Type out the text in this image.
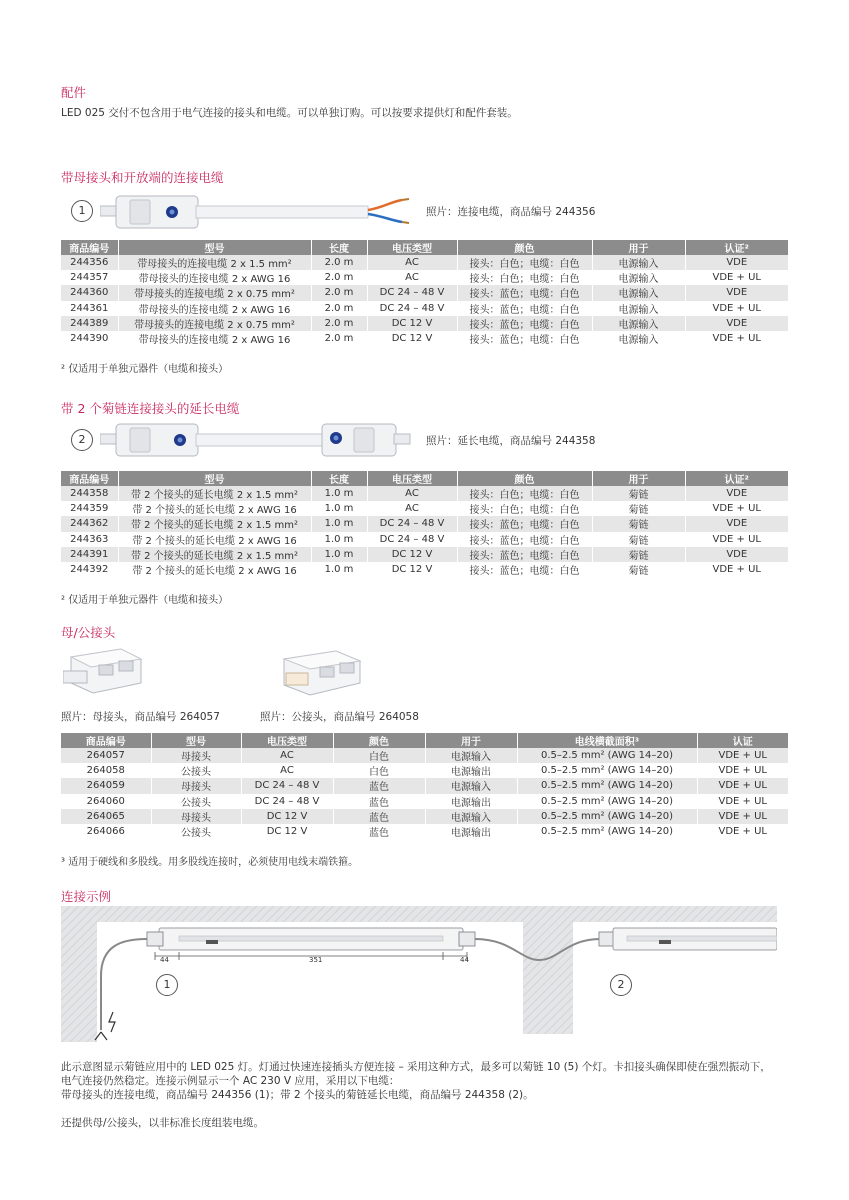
配件
LED 025 交付不包含用于电气连接的接头和电缆。可以单独订购。可以按要求提供灯和配件套装。
带母接头和开放端的连接电缆
1	照片：连接电缆，商品编号 244356
商品编号	型号	长度	电压类型	颜色	用于	认证²
244356	带母接头的连接电缆 2 x 1.5 mm²	2.0 m	AC	接头：白色；电缆：白色	电源输入	VDE
244357	带母接头的连接电缆 2 x AWG 16	2.0 m	AC	接头：白色；电缆：白色	电源输入	VDE + UL
244360	带母接头的连接电缆 2 x 0.75 mm²	2.0 m	DC 24 – 48 V	接头：蓝色；电缆：白色	电源输入	VDE
244361	带母接头的连接电缆 2 x AWG 16	2.0 m	DC 24 – 48 V	接头：蓝色；电缆：白色	电源输入	VDE + UL
244389	带母接头的连接电缆 2 x 0.75 mm²	2.0 m	DC 12 V	接头：蓝色；电缆：白色	电源输入	VDE
244390	带母接头的连接电缆 2 x AWG 16	2.0 m	DC 12 V	接头：蓝色；电缆：白色	电源输入	VDE + UL
² 仅适用于单独元器件（电缆和接头）
带 2 个菊链连接接头的延长电缆
2	照片：延长电缆，商品编号 244358
商品编号	型号	长度	电压类型	颜色	用于	认证²
244358	带 2 个接头的延长电缆 2 x 1.5 mm²	1.0 m	AC	接头：白色；电缆：白色	菊链	VDE
244359	带 2 个接头的延长电缆 2 x AWG 16	1.0 m	AC	接头：白色；电缆：白色	菊链	VDE + UL
244362	带 2 个接头的延长电缆 2 x 1.5 mm²	1.0 m	DC 24 – 48 V	接头：蓝色；电缆：白色	菊链	VDE
244363	带 2 个接头的延长电缆 2 x AWG 16	1.0 m	DC 24 – 48 V	接头：蓝色；电缆：白色	菊链	VDE + UL
244391	带 2 个接头的延长电缆 2 x 1.5 mm²	1.0 m	DC 12 V	接头：蓝色；电缆：白色	菊链	VDE
244392	带 2 个接头的延长电缆 2 x AWG 16	1.0 m	DC 12 V	接头：蓝色；电缆：白色	菊链	VDE + UL
² 仅适用于单独元器件（电缆和接头）
母/公接头
照片：母接头，商品编号 264057	照片：公接头，商品编号 264058
商品编号	型号	电压类型	颜色	用于	电线横截面积³	认证
264057	母接头	AC	白色	电源输入	0.5–2.5 mm² (AWG 14–20)	VDE + UL
264058	公接头	AC	白色	电源输出	0.5–2.5 mm² (AWG 14–20)	VDE + UL
264059	母接头	DC 24 – 48 V	蓝色	电源输入	0.5–2.5 mm² (AWG 14–20)	VDE + UL
264060	公接头	DC 24 – 48 V	蓝色	电源输出	0.5–2.5 mm² (AWG 14–20)	VDE + UL
264065	母接头	DC 12 V	蓝色	电源输入	0.5–2.5 mm² (AWG 14–20)	VDE + UL
264066	公接头	DC 12 V	蓝色	电源输出	0.5–2.5 mm² (AWG 14–20)	VDE + UL
³ 适用于硬线和多股线。用多股线连接时，必须使用电线末端铁箍。
连接示例
44	351	44
1	2
此示意图显示菊链应用中的 LED 025 灯。灯通过快速连接插头方便连接 – 采用这种方式，最多可以菊链 10 (5) 个灯。卡扣接头确保即使在强烈振动下，电气连接仍然稳定。连接示例显示一个 AC 230 V 应用，采用以下电缆：
带母接头的连接电缆，商品编号 244356 (1)；带 2 个接头的菊链延长电缆，商品编号 244358 (2)。
还提供母/公接头，以非标准长度组装电缆。
